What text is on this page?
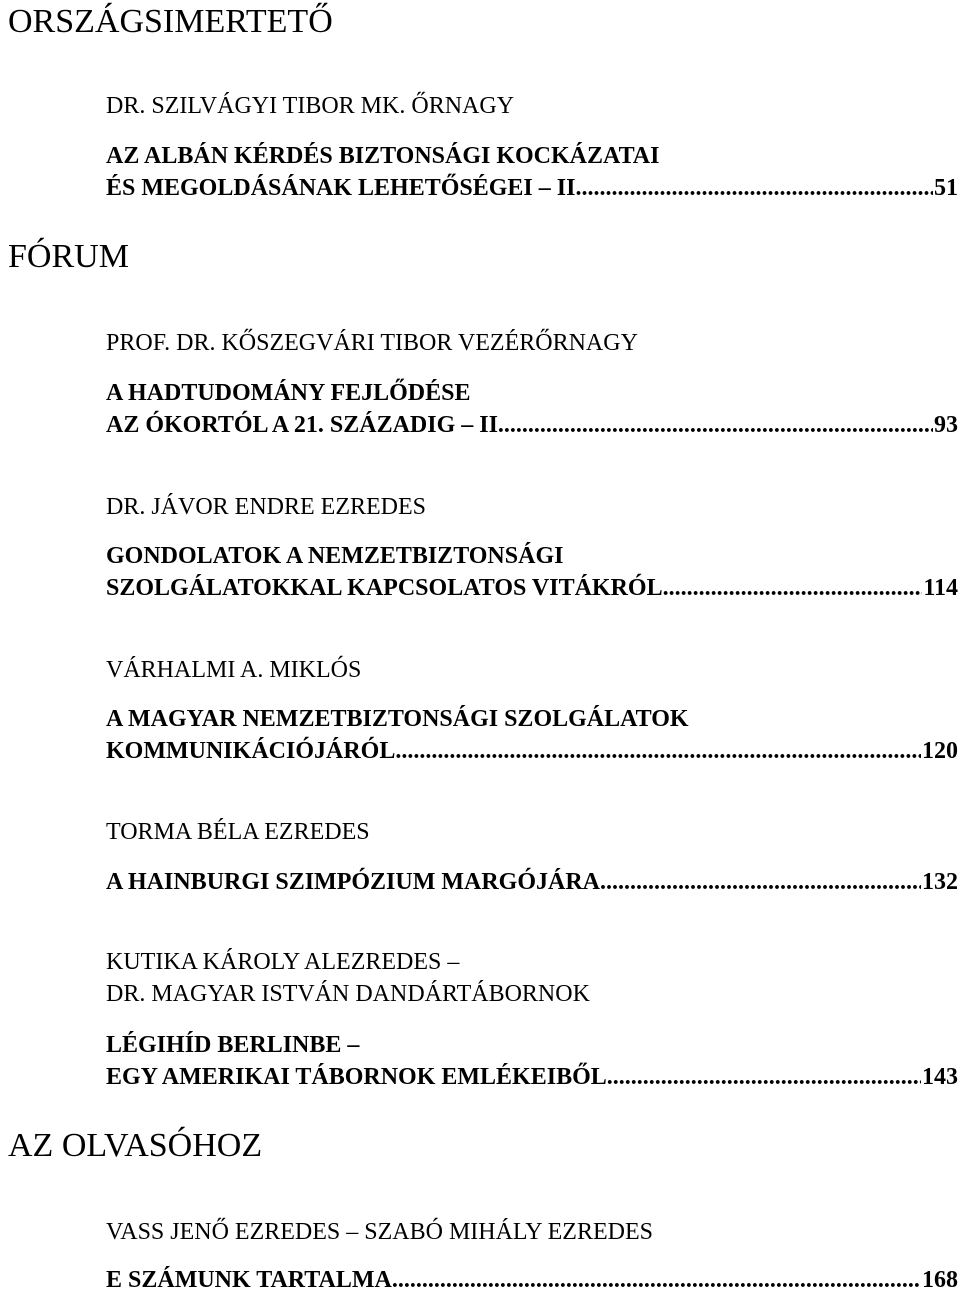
ORSZÁGSIMERTETŐ
DR. SZILVÁGYI TIBOR MK. ŐRNAGY
AZ ALBÁN KÉRDÉS BIZTONSÁGI KOCKÁZATAI
ÉS MEGOLDÁSÁNAK LEHETŐSÉGEI – II. .....	51
FÓRUM
PROF. DR. KŐSZEGVÁRI TIBOR VEZÉRŐRNAGY
A HADTUDOMÁNY FEJLŐDÉSE
AZ ÓKORTÓL A 21. SZÁZADIG – II. .....	93
DR. JÁVOR ENDRE EZREDES
GONDOLATOK A NEMZETBIZTONSÁGI
SZOLGÁLATOKKAL KAPCSOLATOS VITÁKRÓL .....	114
VÁRHALMI A. MIKLÓS
A MAGYAR NEMZETBIZTONSÁGI SZOLGÁLATOK
KOMMUNIKÁCIÓJÁRÓL .....	120
TORMA BÉLA EZREDES
A HAINBURGI SZIMPÓZIUM MARGÓJÁRA .....	132
KUTIKA KÁROLY ALEZREDES –
DR. MAGYAR ISTVÁN DANDÁRTÁBORNOK
LÉGIHÍD BERLINBE –
EGY AMERIKAI TÁBORNOK EMLÉKEIBŐL .....	143
AZ OLVASÓHOZ
VASS JENŐ EZREDES – SZABÓ MIHÁLY EZREDES
E SZÁMUNK TARTALMA .....	168
